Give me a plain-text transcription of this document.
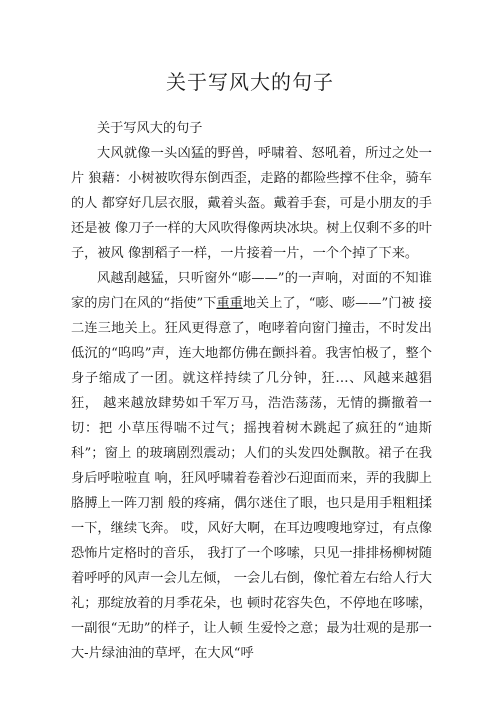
关于写风大的句子

关于写风大的句子

大风就像一头凶猛的野兽，呼啸着、怒吼着，所过之处一片 狼藉：小树被吹得东倒西歪，走路的都险些撑不住伞，骑车的人 都穿好几层衣服，戴着头盔。戴着手套，可是小朋友的手还是被 像刀子一样的大风吹得像两块冰块。树上仅剩不多的叶子，被风 像割稻子一样，一片接着一片，一个个掉了下来。

风越刮越猛，只听窗外“嘭——”的一声响，对面的不知谁 家的房门在风的“指使”下重重地关上了，“嘭、嘭——”门被 接二连三地关上。狂风更得意了，咆哮着向窗门撞击，不时发出 低沉的“呜呜”声，连大地都仿佛在颤抖着。我害怕极了，整个 身子缩成了一团。就这样持续了几分钟，狂…、风越来越猖狂， 越来越放肆势如千军万马，浩浩荡荡，无情的撕撤着一切：把 小草压得喘不过气；摇拽着树木跳起了疯狂的“迪斯科”；窗上 的玻璃剧烈震动；人们的头发四处飘散。裙子在我身后呼啦啦直 响，狂风呼啸着卷着沙石迎面而来，弄的我脚上胳膊上一阵刀割 般的疼痛，偶尔迷住了眼，也只是用手粗粗揉一下，继续飞奔。 哎，风好大啊，在耳边嗖嗖地穿过，有点像恐怖片定格时的音乐， 我打了一个哆嗦，只见一排排杨柳树随着呼呼的风声一会儿左倾， 一会儿右倒，像忙着左右给人行大礼；那绽放着的月季花朵，也 顿时花容失色，不停地在哆嗦，一副很“无助”的样子，让人顿 生爱怜之意；最为壮观的是那一大-片绿油油的草坪，在大风“呼
